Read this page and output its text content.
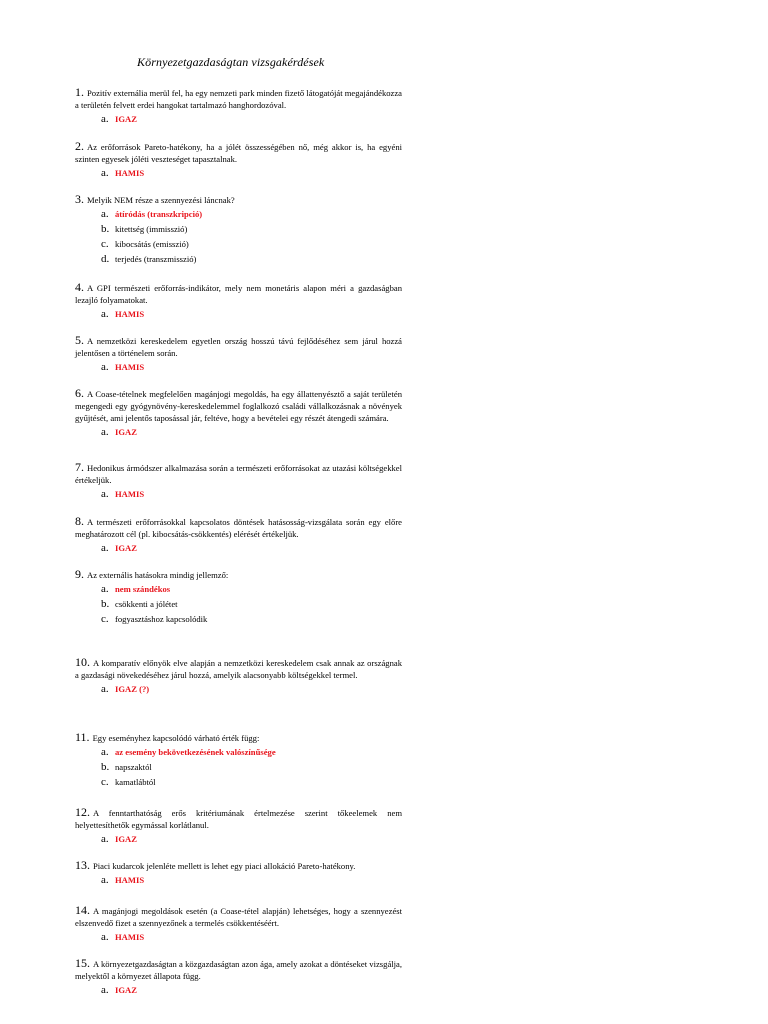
Környezetgazdaságtan vizsgakérdések
1. Pozitív externália merül fel, ha egy nemzeti park minden fizető látogatóját megajándékozza a területén felvett erdei hangokat tartalmazó hanghordozóval.
a. IGAZ
2. Az erőforrások Pareto-hatékony, ha a jólét összességében nő, még akkor is, ha egyéni szinten egyesek jóléti veszteséget tapasztalnak.
a. HAMIS
3. Melyik NEM része a szennyezési láncnak?
a. átíródás (transzkripció)
b. kitettség (immisszió)
c. kibocsátás (emisszió)
d. terjedés (transzmisszió)
4. A GPI természeti erőforrás-indikátor, mely nem monetáris alapon méri a gazdaságban lezajló folyamatokat.
a. HAMIS
5. A nemzetközi kereskedelem egyetlen ország hosszú távú fejlődéséhez sem járul hozzá jelentősen a történelem során.
a. HAMIS
6. A Coase-tételnek megfelelően magánjogi megoldás, ha egy állattenyésztő a saját területén megengedi egy gyógynövény-kereskedelemmel foglalkozó családi vállalkozásnak a növények gyűjtését, ami jelentős taposással jár, feltéve, hogy a bevételei egy részét átengedi számára.
a. IGAZ
7. Hedonikus ármódszer alkalmazása során a természeti erőforrásokat az utazási költségekkel értékeljük.
a. HAMIS
8. A természeti erőforrásokkal kapcsolatos döntések hatásosság-vizsgálata során egy előre meghatározott cél (pl. kibocsátás-csökkentés) elérését értékeljük.
a. IGAZ
9. Az externális hatásokra mindig jellemző:
a. nem szándékos
b. csökkenti a jólétet
c. fogyasztáshoz kapcsolódik
10. A komparatív előnyök elve alapján a nemzetközi kereskedelem csak annak az országnak a gazdasági növekedéséhez járul hozzá, amelyik alacsonyabb költségekkel termel.
a. IGAZ (?)
11. Egy eseményhez kapcsolódó várható érték függ:
a. az esemény bekövetkezésének valószínűsége
b. napszaktól
c. kamatlábtól
12. A fenntarthatóság erős kritériumának értelmezése szerint tőkeelemek nem helyettesíthetők egymással korlátlanul.
a. IGAZ
13. Piaci kudarcok jelenléte mellett is lehet egy piaci allokáció Pareto-hatékony.
a. HAMIS
14. A magánjogi megoldások esetén (a Coase-tétel alapján) lehetséges, hogy a szennyezést elszenvedő fizet a szennyezőnek a termelés csökkentéséért.
a. HAMIS
15. A környezetgazdaságtan a közgazdaságtan azon ága, amely azokat a döntéseket vizsgálja, melyektől a környezet állapota függ.
a. IGAZ
